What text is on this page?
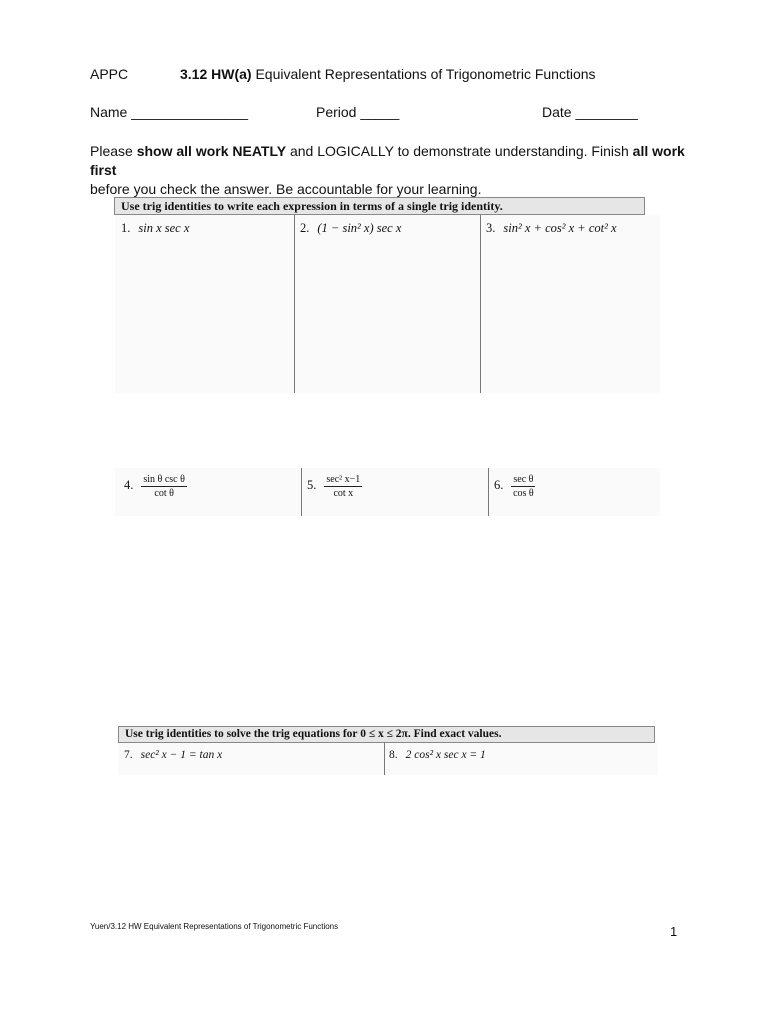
APPC	3.12 HW(a) Equivalent Representations of Trigonometric Functions
Name _______________	Period _____	Date ________
Please show all work NEATLY and LOGICALLY to demonstrate understanding. Finish all work first
before you check the answer. Be accountable for your learning.
Use trig identities to write each expression in terms of a single trig identity.
1. sin x sec x	2. (1 − sin² x) sec x	3. sin² x + cos² x + cot² x
4. $\frac{\text{sin θ csc θ}}{\text{cot θ}}$	5. $\frac{\text{sec² x−1}}{\text{cot x}}$	6. $\frac{\text{sec θ}}{\text{cos θ}}$
Use trig identities to solve the trig equations for 0 ≤ x ≤ 2π. Find exact values.
7. sec² x − 1 = tan x	8. 2 cos² x sec x = 1
Yuen/3.12 HW Equivalent Representations of Trigonometric Functions	1
